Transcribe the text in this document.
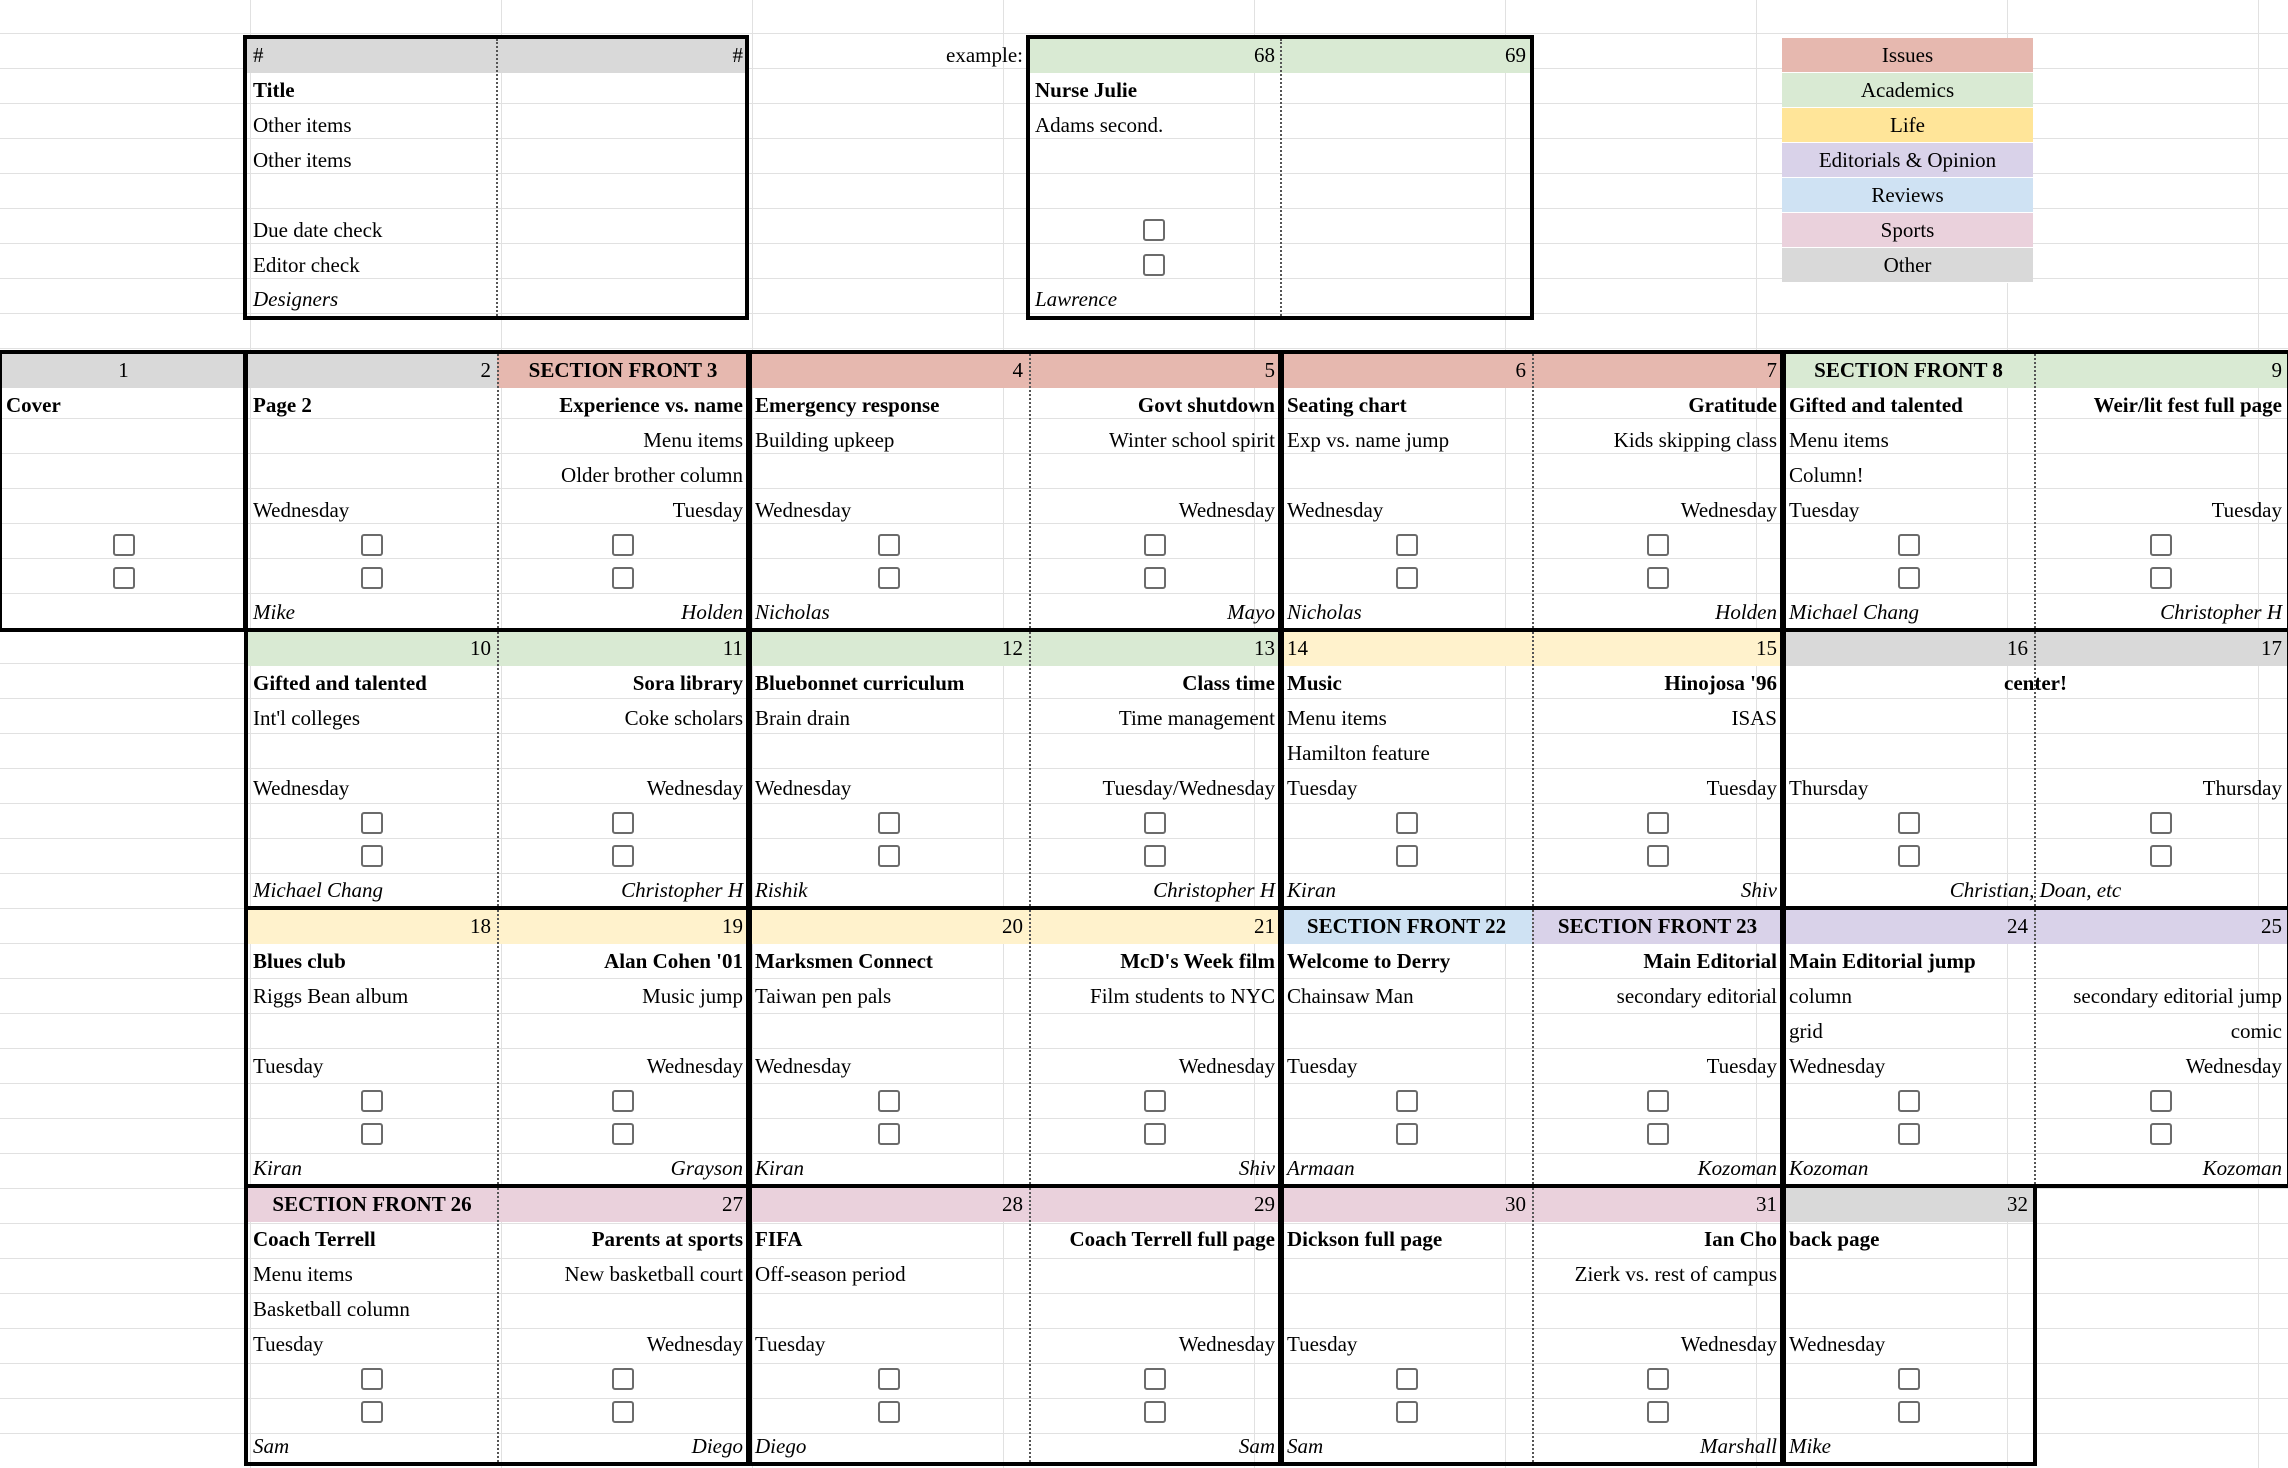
#	#
Title
Other items
Other items
Due date check
Editor check
Designers
example:	68	69
Nurse Julie
Adams second.
Lawrence
Issues
Academics
Life
Editorials & Opinion
Reviews
Sports
Other
1
Cover
2
Page 2
Wednesday
Mike
SECTION FRONT 3
Experience vs. name
Menu items
Older brother column
Tuesday
Holden
4
Emergency response
Building upkeep
Wednesday
Nicholas
5
Govt shutdown
Winter school spirit
Wednesday
Mayo
6
Seating chart
Exp vs. name jump
Wednesday
Nicholas
7
Gratitude
Kids skipping class
Wednesday
Holden
SECTION FRONT 8
Gifted and talented
Menu items
Column!
Tuesday
Michael Chang
9
Weir/lit fest full page
Tuesday
Christopher H
10
Gifted and talented
Int'l colleges
Wednesday
Michael Chang
11
Sora library
Coke scholars
Wednesday
Christopher H
12
Bluebonnet curriculum
Brain drain
Wednesday
Rishik
13
Class time
Time management
Tuesday/Wednesday
Christopher H
14
Music
Menu items
Hamilton feature
Tuesday
Kiran
15
Hinojosa '96
ISAS
Tuesday
Shiv
16
center!
Thursday
Christian, Doan, etc
17
Thursday
18
Blues club
Riggs Bean album
Tuesday
Kiran
19
Alan Cohen '01
Music jump
Wednesday
Grayson
20
Marksmen Connect
Taiwan pen pals
Wednesday
Kiran
21
McD's Week film
Film students to NYC
Wednesday
Shiv
SECTION FRONT 22
Welcome to Derry
Chainsaw Man
Tuesday
Armaan
SECTION FRONT 23
Main Editorial
secondary editorial
Tuesday
Kozoman
24
Main Editorial jump
column
grid
Wednesday
Kozoman
25
secondary editorial jump
comic
Wednesday
Kozoman
SECTION FRONT 26
Coach Terrell
Menu items
Basketball column
Tuesday
Sam
27
Parents at sports
New basketball court
Wednesday
Diego
28
FIFA
Off-season period
Tuesday
Diego
29
Coach Terrell full page
Wednesday
Sam
30
Dickson full page
Tuesday
Sam
31
Ian Cho
Zierk vs. rest of campus
Wednesday
Marshall
32
back page
Wednesday
Mike
